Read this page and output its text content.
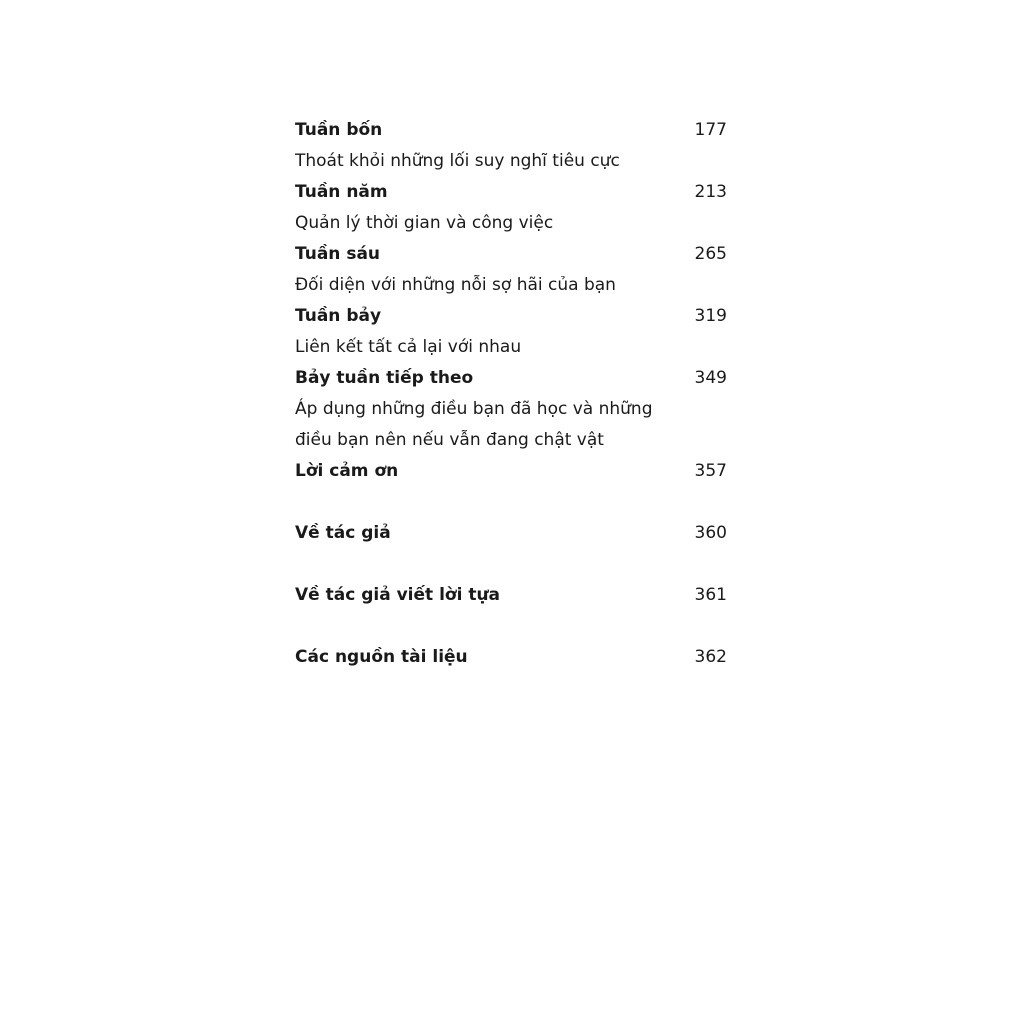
Tuần bốn	177
Thoát khỏi những lối suy nghĩ tiêu cực
Tuần năm	213
Quản lý thời gian và công việc
Tuần sáu	265
Đối diện với những nỗi sợ hãi của bạn
Tuần bảy	319
Liên kết tất cả lại với nhau
Bảy tuần tiếp theo	349
Áp dụng những điều bạn đã học và những
điều bạn nên nếu vẫn đang chật vật
Lời cảm ơn	357
Về tác giả	360
Về tác giả viết lời tựa	361
Các nguồn tài liệu	362
